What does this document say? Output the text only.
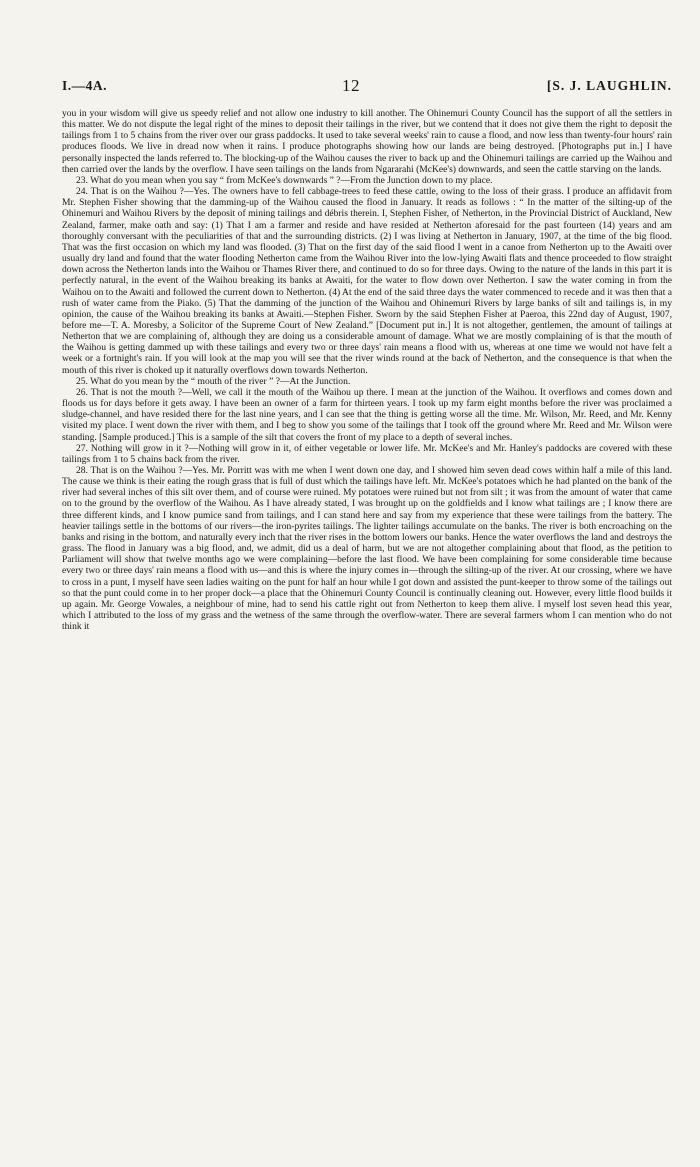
I.—4A.	12	[S. J. LAUGHLIN.

you in your wisdom will give us speedy relief and not allow one industry to kill another. The Ohinemuri County Council has the support of all the settlers in this matter. We do not dispute the legal right of the mines to deposit their tailings in the river, but we contend that it does not give them the right to deposit the tailings from 1 to 5 chains from the river over our grass paddocks. It used to take several weeks' rain to cause a flood, and now less than twenty-four hours' rain produces floods. We live in dread now when it rains. I produce photographs showing how our lands are being destroyed. [Photographs put in.] I have personally inspected the lands referred to. The blocking-up of the Waihou causes the river to back up and the Ohinemuri tailings are carried up the Waihou and then carried over the lands by the overflow. I have seen tailings on the lands from Ngararahi (McKee's) downwards, and seen the cattle starving on the lands.

23. What do you mean when you say “ from McKee's downwards ” ?—From the Junction down to my place.

24. That is on the Waihou ?—Yes. The owners have to fell cabbage-trees to feed these cattle, owing to the loss of their grass. I produce an affidavit from Mr. Stephen Fisher showing that the damming-up of the Waihou caused the flood in January. It reads as follows : “ In the matter of the silting-up of the Ohinemuri and Waihou Rivers by the deposit of mining tailings and débris therein. I, Stephen Fisher, of Netherton, in the Provincial District of Auckland, New Zealand, farmer, make oath and say: (1) That I am a farmer and reside and have resided at Netherton aforesaid for the past fourteen (14) years and am thoroughly conversant with the peculiarities of that and the surrounding districts. (2) I was living at Netherton in January, 1907, at the time of the big flood. That was the first occasion on which my land was flooded. (3) That on the first day of the said flood I went in a canoe from Netherton up to the Awaiti over usually dry land and found that the water flooding Netherton came from the Waihou River into the low-lying Awaiti flats and thence proceeded to flow straight down across the Netherton lands into the Waihou or Thames River there, and continued to do so for three days. Owing to the nature of the lands in this part it is perfectly natural, in the event of the Waihou breaking its banks at Awaiti, for the water to flow down over Netherton. I saw the water coming in from the Waihou on to the Awaiti and followed the current down to Netherton. (4) At the end of the said three days the water commenced to recede and it was then that a rush of water came from the Piako. (5) That the damming of the junction of the Waihou and Ohinemuri Rivers by large banks of silt and tailings is, in my opinion, the cause of the Waihou breaking its banks at Awaiti.—Stephen Fisher. Sworn by the said Stephen Fisher at Paeroa, this 22nd day of August, 1907, before me—T. A. Moresby, a Solicitor of the Supreme Court of New Zealand.” [Document put in.] It is not altogether, gentlemen, the amount of tailings at Netherton that we are complaining of, although they are doing us a considerable amount of damage. What we are mostly complaining of is that the mouth of the Waihou is getting dammed up with these tailings and every two or three days' rain means a flood with us, whereas at one time we would not have felt a week or a fortnight's rain. If you will look at the map you will see that the river winds round at the back of Netherton, and the consequence is that when the mouth of this river is choked up it naturally overflows down towards Netherton.

25. What do you mean by the “ mouth of the river ” ?—At the Junction.

26. That is not the mouth ?—Well, we call it the mouth of the Waihou up there. I mean at the junction of the Waihou. It overflows and comes down and floods us for days before it gets away. I have been an owner of a farm for thirteen years. I took up my farm eight months before the river was proclaimed a sludge-channel, and have resided there for the last nine years, and I can see that the thing is getting worse all the time. Mr. Wilson, Mr. Reed, and Mr. Kenny visited my place. I went down the river with them, and I beg to show you some of the tailings that I took off the ground where Mr. Reed and Mr. Wilson were standing. [Sample produced.] This is a sample of the silt that covers the front of my place to a depth of several inches.

27. Nothing will grow in it ?—Nothing will grow in it, of either vegetable or lower life. Mr. McKee's and Mr. Hanley's paddocks are covered with these tailings from 1 to 5 chains back from the river.

28. That is on the Waihou ?—Yes. Mr. Porritt was with me when I went down one day, and I showed him seven dead cows within half a mile of this land. The cause we think is their eating the rough grass that is full of dust which the tailings have left. Mr. McKee's potatoes which he had planted on the bank of the river had several inches of this silt over them, and of course were ruined. My potatoes were ruined but not from silt ; it was from the amount of water that came on to the ground by the overflow of the Waihou. As I have already stated, I was brought up on the goldfields and I know what tailings are ; I know there are three different kinds, and I know pumice sand from tailings, and I can stand here and say from my experience that these were tailings from the battery. The heavier tailings settle in the bottoms of our rivers—the iron-pyrites tailings. The lighter tailings accumulate on the banks. The river is both encroaching on the banks and rising in the bottom, and naturally every inch that the river rises in the bottom lowers our banks. Hence the water overflows the land and destroys the grass. The flood in January was a big flood, and, we admit, did us a deal of harm, but we are not altogether complaining about that flood, as the petition to Parliament will show that twelve months ago we were complaining—before the last flood. We have been complaining for some considerable time because every two or three days' rain means a flood with us—and this is where the injury comes in—through the silting-up of the river. At our crossing, where we have to cross in a punt, I myself have seen ladies waiting on the punt for half an hour while I got down and assisted the punt-keeper to throw some of the tailings out so that the punt could come in to her proper dock—a place that the Ohinemuri County Council is continually cleaning out. However, every little flood builds it up again. Mr. George Vowales, a neighbour of mine, had to send his cattle right out from Netherton to keep them alive. I myself lost seven head this year, which I attributed to the loss of my grass and the wetness of the same through the overflow-water. There are several farmers whom I can mention who do not think it
